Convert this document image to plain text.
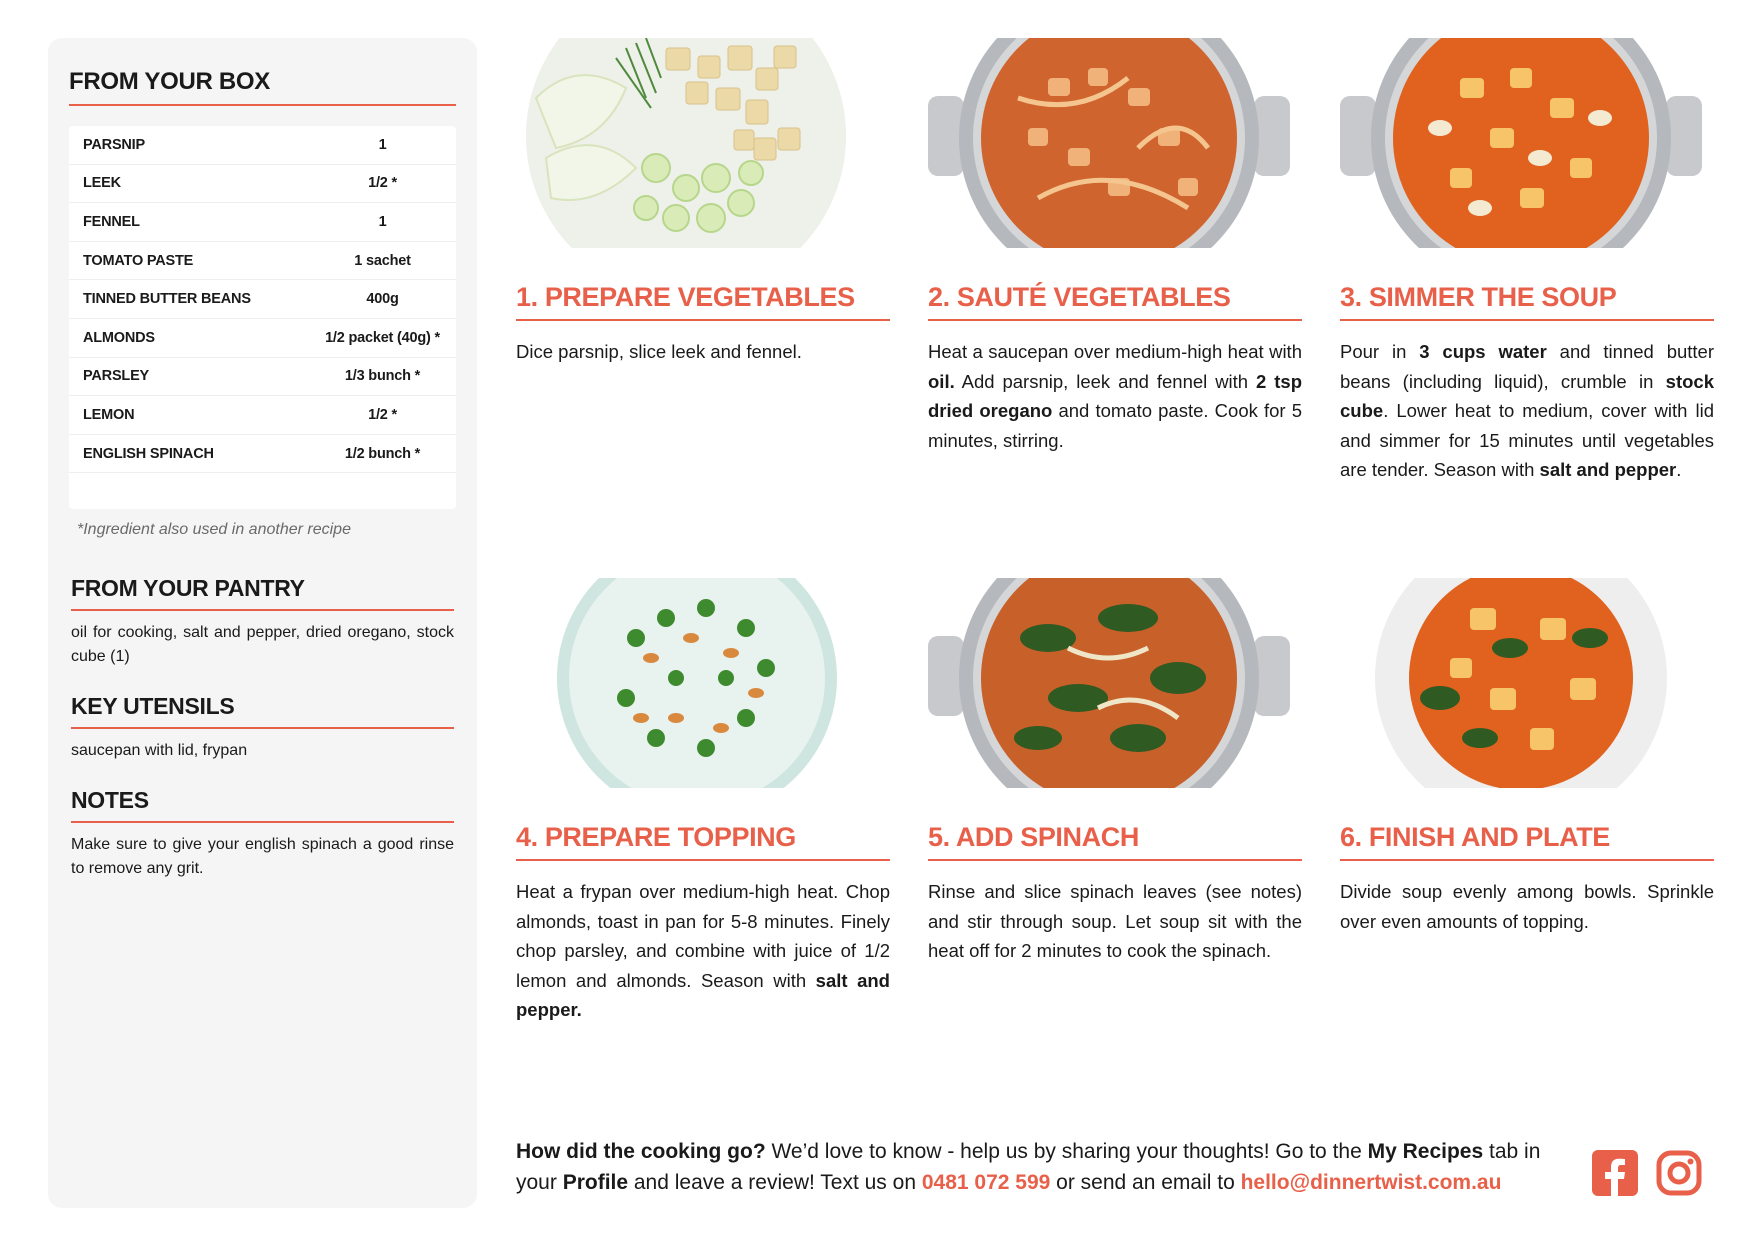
FROM YOUR BOX
PARSNIP	1
LEEK	1/2 *
FENNEL	1
TOMATO PASTE	1 sachet
TINNED BUTTER BEANS	400g
ALMONDS	1/2 packet (40g) *
PARSLEY	1/3 bunch *
LEMON	1/2 *
ENGLISH SPINACH	1/2 bunch *
*Ingredient also used in another recipe
FROM YOUR PANTRY
oil for cooking, salt and pepper, dried oregano, stock cube (1)
KEY UTENSILS
saucepan with lid, frypan
NOTES
Make sure to give your english spinach a good rinse to remove any grit.
1. PREPARE VEGETABLES
Dice parsnip, slice leek and fennel.
2. SAUTÉ VEGETABLES
Heat a saucepan over medium-high heat with oil. Add parsnip, leek and fennel with 2 tsp dried oregano and tomato paste. Cook for 5 minutes, stirring.
3. SIMMER THE SOUP
Pour in 3 cups water and tinned butter beans (including liquid), crumble in stock cube. Lower heat to medium, cover with lid and simmer for 15 minutes until vegetables are tender. Season with salt and pepper.
4. PREPARE TOPPING
Heat a frypan over medium-high heat. Chop almonds, toast in pan for 5-8 minutes. Finely chop parsley, and combine with juice of 1/2 lemon and almonds. Season with salt and pepper.
5. ADD SPINACH
Rinse and slice spinach leaves (see notes) and stir through soup. Let soup sit with the heat off for 2 minutes to cook the spinach.
6. FINISH AND PLATE
Divide soup evenly among bowls. Sprinkle over even amounts of topping.
How did the cooking go? We’d love to know - help us by sharing your thoughts! Go to the My Recipes tab in your Profile and leave a review! Text us on 0481 072 599 or send an email to hello@dinnertwist.com.au
